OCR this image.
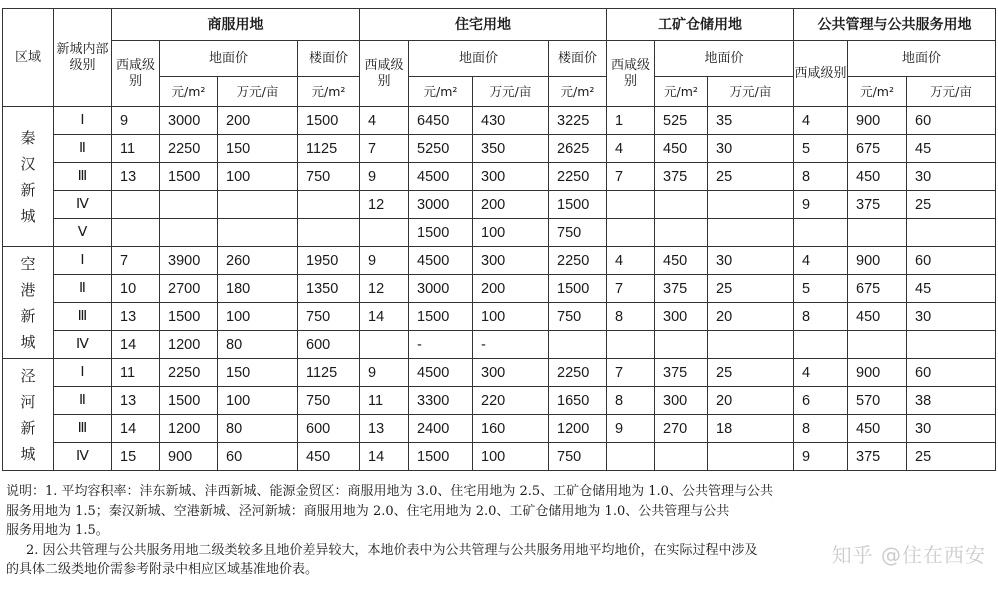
区域	新城内部级别	商服用地				住宅用地				工矿仓储用地			公共管理与公共服务用地		
		西咸级别	地面价		楼面价	西咸级别	地面价		楼面价	西咸级别	地面价		西咸级别	地面价	
			元/m²	万元/亩	元/m²		元/m²	万元/亩	元/m²		元/m²	万元/亩		元/m²	万元/亩
秦汉新城	Ⅰ	9	3000	200	1500	4	6450	430	3225	1	525	35	4	900	60
	Ⅱ	11	2250	150	1125	7	5250	350	2625	4	450	30	5	675	45
	Ⅲ	13	1500	100	750	9	4500	300	2250	7	375	25	8	450	30
	Ⅳ					12	3000	200	1500				9	375	25
	Ⅴ						1500	100	750						
空港新城	Ⅰ	7	3900	260	1950	9	4500	300	2250	4	450	30	4	900	60
	Ⅱ	10	2700	180	1350	12	3000	200	1500	7	375	25	5	675	45
	Ⅲ	13	1500	100	750	14	1500	100	750	8	300	20	8	450	30
	Ⅳ	14	1200	80	600		-	-							
泾河新城	Ⅰ	11	2250	150	1125	9	4500	300	2250	7	375	25	4	900	60
	Ⅱ	13	1500	100	750	11	3300	220	1650	8	300	20	6	570	38
	Ⅲ	14	1200	80	600	13	2400	160	1200	9	270	18	8	450	30
	Ⅳ	15	900	60	450	14	1500	100	750				9	375	25
说明：1. 平均容积率：沣东新城、沣西新城、能源金贸区：商服用地为 3.0、住宅用地为 2.5、工矿仓储用地为 1.0、公共管理与公共
服务用地为 1.5；秦汉新城、空港新城、泾河新城：商服用地为 2.0、住宅用地为 2.0、工矿仓储用地为 1.0、公共管理与公共
服务用地为 1.5。
2. 因公共管理与公共服务用地二级类较多且地价差异较大，本地价表中为公共管理与公共服务用地平均地价，在实际过程中涉及
的具体二级类地价需参考附录中相应区域基准地价表。
知乎 @住在西安
